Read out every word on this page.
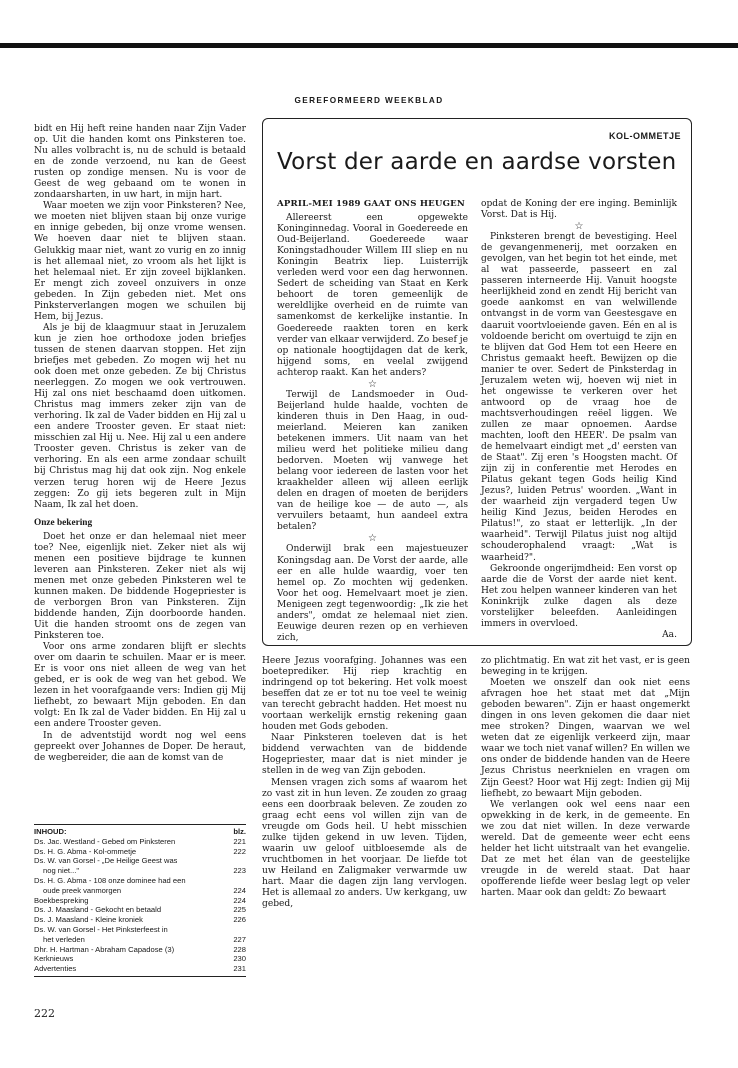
GEREFORMEERD WEEKBLAD

bidt en Hij heft reine handen naar Zijn Vader op. Uit die handen komt ons Pinksteren toe. Nu alles volbracht is, nu de schuld is betaald en de zonde verzoend, nu kan de Geest rusten op zondige mensen. Nu is voor de Geest de weg gebaand om te wonen in zondaarsharten, in uw hart, in mijn hart.

Waar moeten we zijn voor Pinksteren? Nee, we moeten niet blijven staan bij onze vurige en innige gebeden, bij onze vrome wensen. We hoeven daar niet te blijven staan. Gelukkig maar niet, want zo vurig en zo innig is het allemaal niet, zo vroom als het lijkt is het helemaal niet. Er zijn zoveel bijklanken. Er mengt zich zoveel onzuivers in onze gebeden. In Zijn gebeden niet. Met ons Pinksterverlangen mogen we schuilen bij Hem, bij Jezus.

Als je bij de klaagmuur staat in Jeruzalem kun je zien hoe orthodoxe joden briefjes tussen de stenen daarvan stoppen. Het zijn briefjes met gebeden. Zo mogen wij het nu ook doen met onze gebeden. Ze bij Christus neerleggen. Zo mogen we ook vertrouwen. Hij zal ons niet beschaamd doen uitkomen. Christus mag immers zeker zijn van de verhoring. Ik zal de Vader bidden en Hij zal u een andere Trooster geven. Er staat niet: misschien zal Hij u. Nee. Hij zal u een andere Trooster geven. Christus is zeker van de verhoring. En als een arme zondaar schuilt bij Christus mag hij dat ook zijn. Nog enkele verzen terug horen wij de Heere Jezus zeggen: Zo gij iets begeren zult in Mijn Naam, Ik zal het doen.

Onze bekering

Doet het onze er dan helemaal niet meer toe? Nee, eigenlijk niet. Zeker niet als wij menen een positieve bijdrage te kunnen leveren aan Pinksteren. Zeker niet als wij menen met onze gebeden Pinksteren wel te kunnen maken. De biddende Hogepriester is de verborgen Bron van Pinksteren. Zijn biddende handen, Zijn doorboorde handen. Uit die handen stroomt ons de zegen van Pinksteren toe.

Voor ons arme zondaren blijft er slechts over om daarin te schuilen. Maar er is meer. Er is voor ons niet alleen de weg van het gebed, er is ook de weg van het gebod. We lezen in het voorafgaande vers: Indien gij Mij liefhebt, zo bewaart Mijn geboden. En dan volgt: En Ik zal de Vader bidden. En Hij zal u een andere Trooster geven.

In de adventstijd wordt nog wel eens gepreekt over Johannes de Doper. De heraut, de wegbereider, die aan de komst van de

KOL-OMMETJE
Vorst der aarde en aardse vorsten

APRIL-MEI 1989 GAAT ONS HEUGEN

Allereerst een opgewekte Koninginnedag. Vooral in Goedereede en Oud-Beijerland. Goedereede waar Koningstadhouder Willem III sliep en nu Koningin Beatrix liep. Luisterrijk verleden werd voor een dag herwonnen. Sedert de scheiding van Staat en Kerk behoort de toren gemeenlijk de wereldlijke overheid en de ruimte van samenkomst de kerkelijke instantie. In Goedereede raakten toren en kerk verder van elkaar verwijderd. Zo besef je op nationale hoogtijdagen dat de kerk, hijgend soms, en veelal zwijgend achterop raakt. Kan het anders?

☆

Terwijl de Landsmoeder in Oud-Beijerland hulde haalde, vochten de kinderen thuis in Den Haag, in oud-meierland. Meieren kan zaniken betekenen immers. Uit naam van het milieu werd het politieke milieu dang bedorven. Moeten wij vanwege het belang voor iedereen de lasten voor het kraakhelder alleen wij alleen eerlijk delen en dragen of moeten de berijders van de heilige koe — de auto —, als vervuilers betaamt, hun aandeel extra betalen?

☆

Onderwijl brak een majestueuzer Koningsdag aan. De Vorst der aarde, alle eer en alle hulde waardig, voer ten hemel op. Zo mochten wij gedenken. Voor het oog. Hemelvaart moet je zien. Menigeen zegt tegenwoordig: „Ik zie het anders", omdat ze helemaal niet zien. Eeuwige deuren rezen op en verhieven zich,

opdat de Koning der ere inging. Beminlijk Vorst. Dat is Hij.

☆

Pinksteren brengt de bevestiging. Heel de gevangenmenerij, met oorzaken en gevolgen, van het begin tot het einde, met al wat passeerde, passeert en zal passeren interneerde Hij. Vanuit hoogste heerlijkheid zond en zendt Hij bericht van goede aankomst en van welwillende ontvangst in de vorm van Geestesgave en daaruit voortvloeiende gaven. Eén en al is voldoende bericht om overtuigd te zijn en te blijven dat God Hem tot een Heere en Christus gemaakt heeft. Bewijzen op die manier te over. Sedert de Pinksterdag in Jeruzalem weten wij, hoeven wij niet in het ongewisse te verkeren over het antwoord op de vraag hoe de machtsverhoudingen reëel liggen. We zullen ze maar opnoemen. Aardse machten, looft den HEER'. De psalm van de hemelvaart eindigt met „d' eersten van de Staat". Zij eren 's Hoogsten macht. Of zijn zij in conferentie met Herodes en Pilatus gekant tegen Gods heilig Kind Jezus?, luiden Petrus' woorden. „Want in der waarheid zijn vergaderd tegen Uw heilig Kind Jezus, beiden Herodes en Pilatus!", zo staat er letterlijk. „In der waarheid". Terwijl Pilatus juist nog altijd schouderophalend vraagt: „Wat is waarheid?".

Gekroonde ongerijmdheid: Een vorst op aarde die de Vorst der aarde niet kent. Het zou helpen wanneer kinderen van het Koninkrijk zulke dagen als deze vorstelijker beleefden. Aanleidingen immers in overvloed.

Aa.

Heere Jezus voorafging. Johannes was een boeteprediker. Hij riep krachtig en indringend op tot bekering. Het volk moest beseffen dat ze er tot nu toe veel te weinig van terecht gebracht hadden. Het moest nu voortaan werkelijk ernstig rekening gaan houden met Gods geboden.

Naar Pinksteren toeleven dat is het biddend verwachten van de biddende Hogepriester, maar dat is niet minder je stellen in de weg van Zijn geboden.

Mensen vragen zich soms af waarom het zo vast zit in hun leven. Ze zouden zo graag eens een doorbraak beleven. Ze zouden zo graag echt eens vol willen zijn van de vreugde om Gods heil. U hebt misschien zulke tijden gekend in uw leven. Tijden, waarin uw geloof uitbloesemde als de vruchtbomen in het voorjaar. De liefde tot uw Heiland en Zaligmaker verwarmde uw hart. Maar die dagen zijn lang vervlogen. Het is allemaal zo anders. Uw kerkgang, uw gebed,

zo plichtmatig. En wat zit het vast, er is geen beweging in te krijgen.

Moeten we onszelf dan ook niet eens afvragen hoe het staat met dat „Mijn geboden bewaren". Zijn er haast ongemerkt dingen in ons leven gekomen die daar niet mee stroken? Dingen, waarvan we wel weten dat ze eigenlijk verkeerd zijn, maar waar we toch niet vanaf willen? En willen we ons onder de biddende handen van de Heere Jezus Christus neerknielen en vragen om Zijn Geest? Hoor wat Hij zegt: Indien gij Mij liefhebt, zo bewaart Mijn geboden.

We verlangen ook wel eens naar een opwekking in de kerk, in de gemeente. En we zou dat niet willen. In deze verwarde wereld. Dat de gemeente weer echt eens helder het licht uitstraalt van het evangelie. Dat ze met het élan van de geestelijke vreugde in de wereld staat. Dat haar opofferende liefde weer beslag legt op veler harten. Maar ook dan geldt: Zo bewaart

INHOUD:	blz.
Ds. Jac. Westland - Gebed om Pinksteren	221
Ds. H. G. Abma - Kol-ommetje	222
Ds. W. van Gorsel - „De Heilige Geest was
nog niet..."	223
Ds. H. G. Abma - 108 onze dominee had een
oude preek vanmorgen	224
Boekbespreking	224
Ds. J. Maasland - Gekocht en betaald	225
Ds. J. Maasland - Kleine kroniek	226
Ds. W. van Gorsel - Het Pinksterfeest in
het verleden	227
Dhr. H. Hartman - Abraham Capadose (3)	228
Kerknieuws	230
Advertenties	231
222
